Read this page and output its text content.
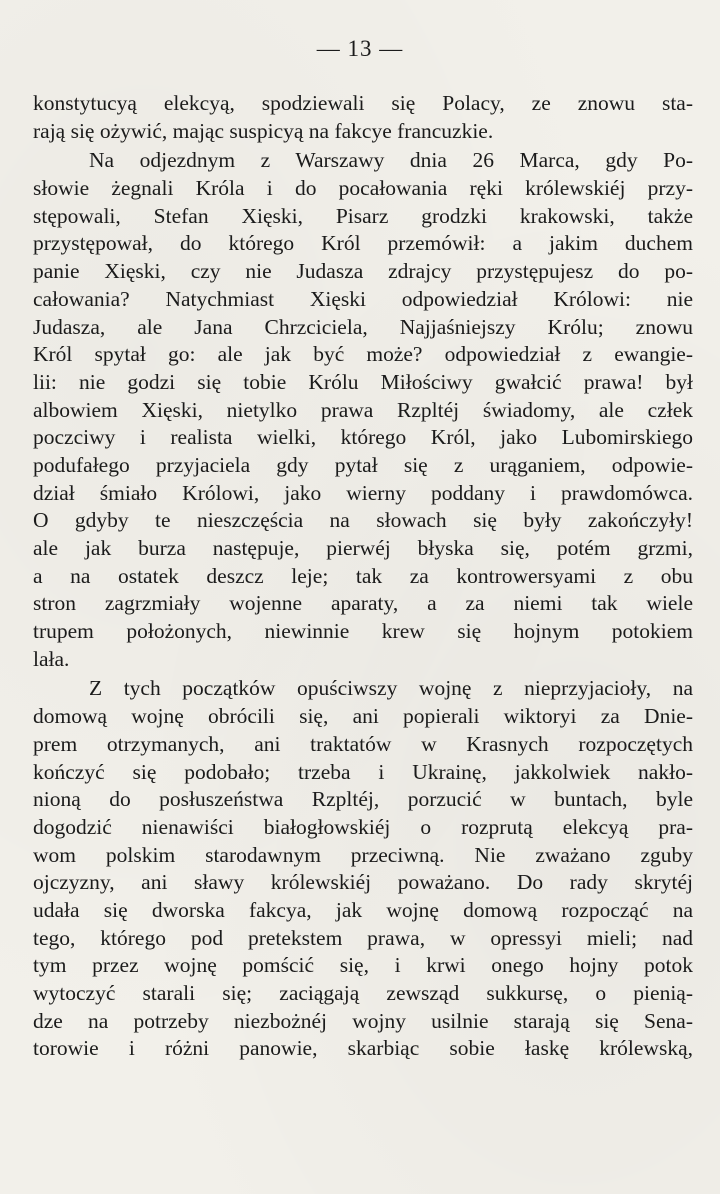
— 13 —
konstytucyą elekcyą, spodziewali się Polacy, ze znowu sta-
rają się ożywić, mając suspicyą na fakcye francuzkie.
Na odjezdnym z Warszawy dnia 26 Marca, gdy Po-
słowie żegnali Króla i do pocałowania ręki królewskiéj przy-
stępowali, Stefan Xięski, Pisarz grodzki krakowski, także
przystępował, do którego Król przemówił: a jakim duchem
panie Xięski, czy nie Judasza zdrajcy przystępujesz do po-
całowania? Natychmiast Xięski odpowiedział Królowi: nie
Judasza, ale Jana Chrzciciela, Najjaśniejszy Królu; znowu
Król spytał go: ale jak być może? odpowiedział z ewangie-
lii: nie godzi się tobie Królu Miłościwy gwałcić prawa! był
albowiem Xięski, nietylko prawa Rzpltéj świadomy, ale człek
poczciwy i realista wielki, którego Król, jako Lubomirskiego
podufałego przyjaciela gdy pytał się z urąganiem, odpowie-
dział śmiało Królowi, jako wierny poddany i prawdomówca.
O gdyby te nieszczęścia na słowach się były zakończyły!
ale jak burza następuje, pierwéj błyska się, potém grzmi,
a na ostatek deszcz leje; tak za kontrowersyami z obu
stron zagrzmiały wojenne aparaty, a za niemi tak wiele
trupem położonych, niewinnie krew się hojnym potokiem
lała.
Z tych początków opuściwszy wojnę z nieprzyjacioły, na
domową wojnę obrócili się, ani popierali wiktoryi za Dnie-
prem otrzymanych, ani traktatów w Krasnych rozpoczętych
kończyć się podobało; trzeba i Ukrainę, jakkolwiek nakło-
nioną do posłuszeństwa Rzpltéj, porzucić w buntach, byle
dogodzić nienawiści białogłowskiéj o rozprutą elekcyą pra-
wom polskim starodawnym przeciwną. Nie zważano zguby
ojczyzny, ani sławy królewskiéj poważano. Do rady skrytéj
udała się dworska fakcya, jak wojnę domową rozpocząć na
tego, którego pod pretekstem prawa, w opressyi mieli; nad
tym przez wojnę pomścić się, i krwi onego hojny potok
wytoczyć starali się; zaciągają zewsząd sukkursę, o pienią-
dze na potrzeby niezbożnéj wojny usilnie starają się Sena-
torowie i różni panowie, skarbiąc sobie łaskę królewską,
